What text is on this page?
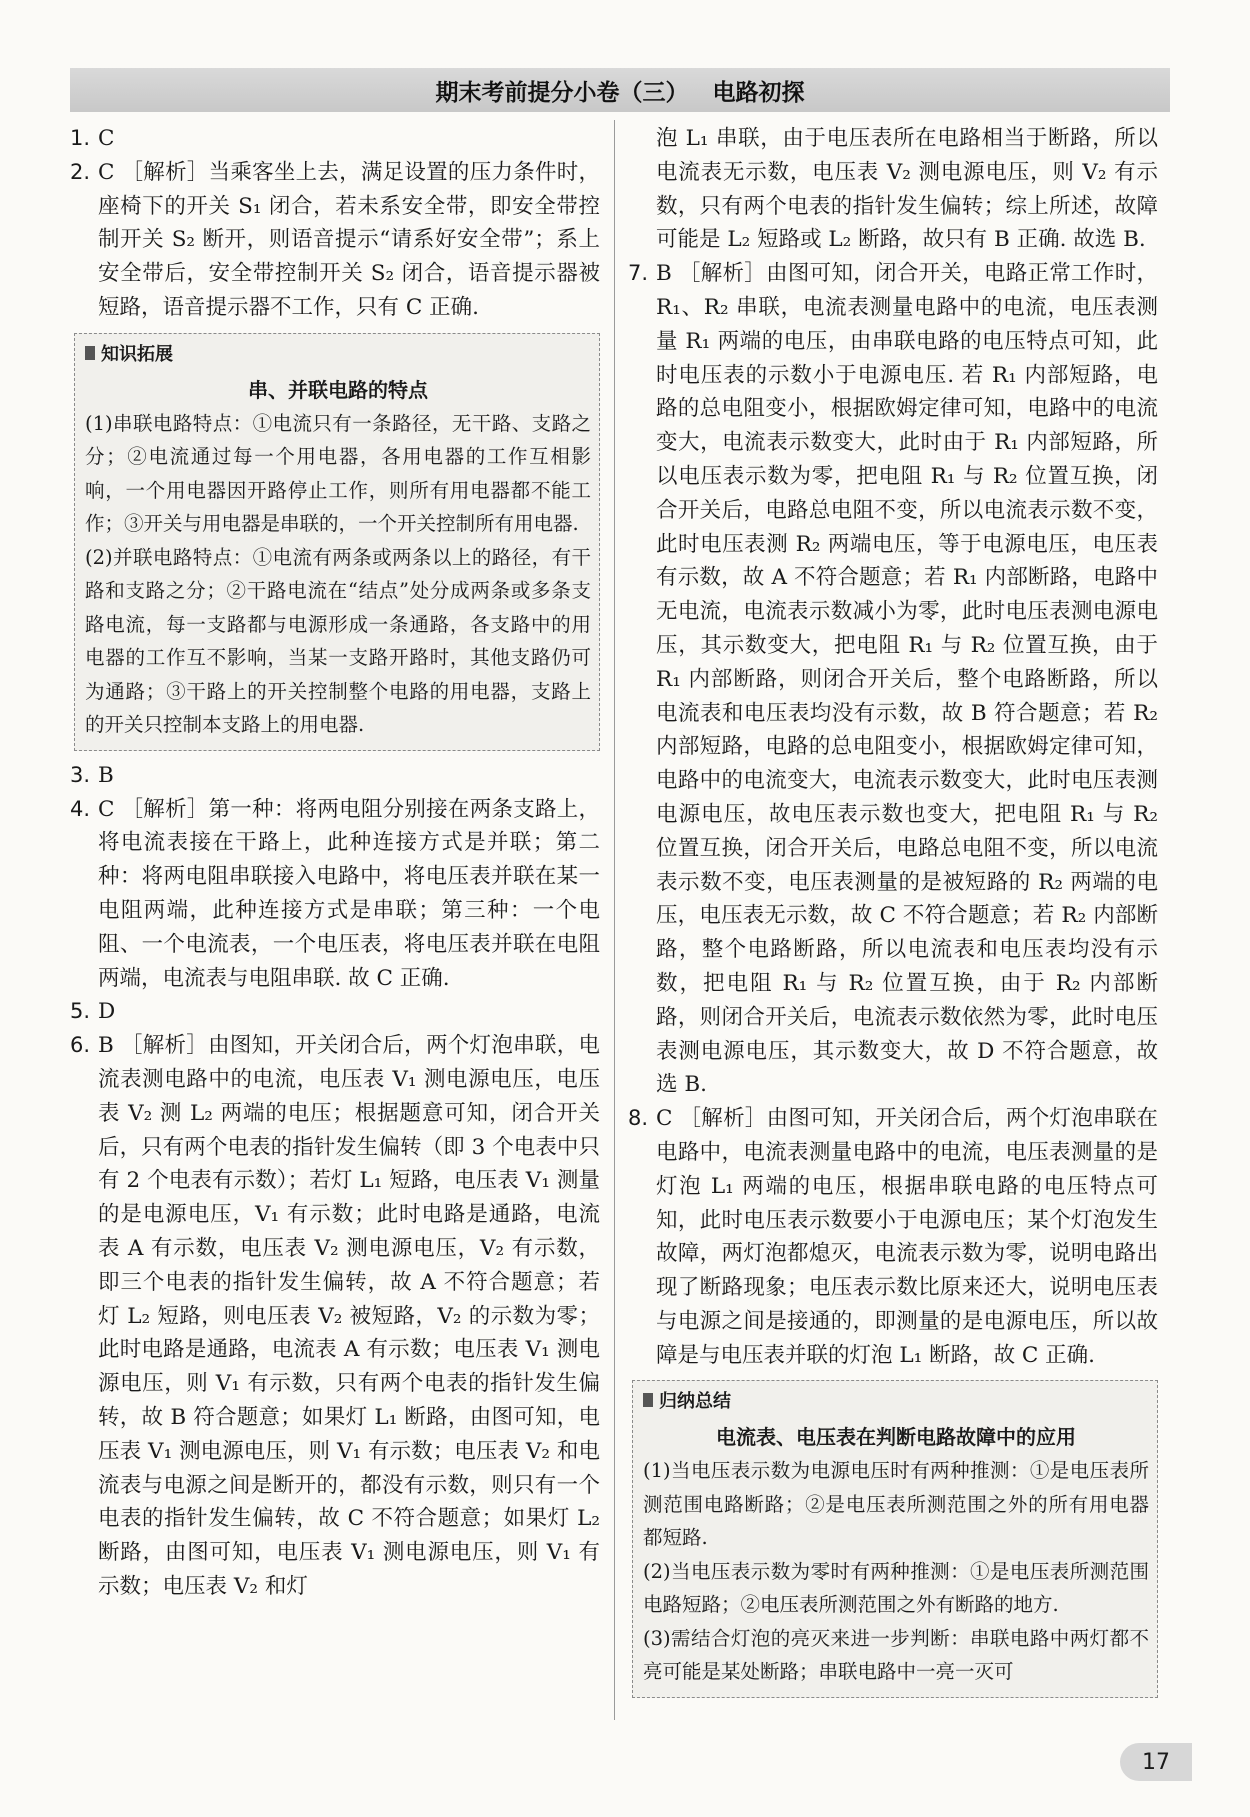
期末考前提分小卷（三） 电路初探
1. C
2. C ［解析］当乘客坐上去，满足设置的压力条件时，座椅下的开关 S₁ 闭合，若未系安全带，即安全带控制开关 S₂ 断开，则语音提示“请系好安全带”；系上安全带后，安全带控制开关 S₂ 闭合，语音提示器被短路，语音提示器不工作，只有 C 正确.
知识拓展
串、并联电路的特点

(1)串联电路特点：①电流只有一条路径，无干路、支路之分；②电流通过每一个用电器，各用电器的工作互相影响，一个用电器因开路停止工作，则所有用电器都不能工作；③开关与用电器是串联的，一个开关控制所有用电器.

(2)并联电路特点：①电流有两条或两条以上的路径，有干路和支路之分；②干路电流在“结点”处分成两条或多条支路电流，每一支路都与电源形成一条通路，各支路中的用电器的工作互不影响，当某一支路开路时，其他支路仍可为通路；③干路上的开关控制整个电路的用电器，支路上的开关只控制本支路上的用电器.

3. B
4. C ［解析］第一种：将两电阻分别接在两条支路上，将电流表接在干路上，此种连接方式是并联；第二种：将两电阻串联接入电路中，将电压表并联在某一电阻两端，此种连接方式是串联；第三种：一个电阻、一个电流表，一个电压表，将电压表并联在电阻两端，电流表与电阻串联. 故 C 正确.
5. D
6. B ［解析］由图知，开关闭合后，两个灯泡串联，电流表测电路中的电流，电压表 V₁ 测电源电压，电压表 V₂ 测 L₂ 两端的电压；根据题意可知，闭合开关后，只有两个电表的指针发生偏转（即 3 个电表中只有 2 个电表有示数）；若灯 L₁ 短路，电压表 V₁ 测量的是电源电压，V₁ 有示数；此时电路是通路，电流表 A 有示数，电压表 V₂ 测电源电压，V₂ 有示数，即三个电表的指针发生偏转，故 A 不符合题意；若灯 L₂ 短路，则电压表 V₂ 被短路，V₂ 的示数为零；此时电路是通路，电流表 A 有示数；电压表 V₁ 测电源电压，则 V₁ 有示数，只有两个电表的指针发生偏转，故 B 符合题意；如果灯 L₁ 断路，由图可知，电压表 V₁ 测电源电压，则 V₁ 有示数；电压表 V₂ 和电流表与电源之间是断开的，都没有示数，则只有一个电表的指针发生偏转，故 C 不符合题意；如果灯 L₂ 断路，由图可知，电压表 V₁ 测电源电压，则 V₁ 有示数；电压表 V₂ 和灯
泡 L₁ 串联，由于电压表所在电路相当于断路，所以电流表无示数，电压表 V₂ 测电源电压，则 V₂ 有示数，只有两个电表的指针发生偏转；综上所述，故障可能是 L₂ 短路或 L₂ 断路，故只有 B 正确. 故选 B.
7. B ［解析］由图可知，闭合开关，电路正常工作时，R₁、R₂ 串联，电流表测量电路中的电流，电压表测量 R₁ 两端的电压，由串联电路的电压特点可知，此时电压表的示数小于电源电压. 若 R₁ 内部短路，电路的总电阻变小，根据欧姆定律可知，电路中的电流变大，电流表示数变大，此时由于 R₁ 内部短路，所以电压表示数为零，把电阻 R₁ 与 R₂ 位置互换，闭合开关后，电路总电阻不变，所以电流表示数不变，此时电压表测 R₂ 两端电压，等于电源电压，电压表有示数，故 A 不符合题意；若 R₁ 内部断路，电路中无电流，电流表示数减小为零，此时电压表测电源电压，其示数变大，把电阻 R₁ 与 R₂ 位置互换，由于 R₁ 内部断路，则闭合开关后，整个电路断路，所以电流表和电压表均没有示数，故 B 符合题意；若 R₂ 内部短路，电路的总电阻变小，根据欧姆定律可知，电路中的电流变大，电流表示数变大，此时电压表测电源电压，故电压表示数也变大，把电阻 R₁ 与 R₂ 位置互换，闭合开关后，电路总电阻不变，所以电流表示数不变，电压表测量的是被短路的 R₂ 两端的电压，电压表无示数，故 C 不符合题意；若 R₂ 内部断路，整个电路断路，所以电流表和电压表均没有示数，把电阻 R₁ 与 R₂ 位置互换，由于 R₂ 内部断路，则闭合开关后，电流表示数依然为零，此时电压表测电源电压，其示数变大，故 D 不符合题意，故选 B.
8. C ［解析］由图可知，开关闭合后，两个灯泡串联在电路中，电流表测量电路中的电流，电压表测量的是灯泡 L₁ 两端的电压，根据串联电路的电压特点可知，此时电压表示数要小于电源电压；某个灯泡发生故障，两灯泡都熄灭，电流表示数为零，说明电路出现了断路现象；电压表示数比原来还大，说明电压表与电源之间是接通的，即测量的是电源电压，所以故障是与电压表并联的灯泡 L₁ 断路，故 C 正确.
归纳总结
电流表、电压表在判断电路故障中的应用

(1)当电压表示数为电源电压时有两种推测：①是电压表所测范围电路断路；②是电压表所测范围之外的所有用电器都短路.

(2)当电压表示数为零时有两种推测：①是电压表所测范围电路短路；②电压表所测范围之外有断路的地方.

(3)需结合灯泡的亮灭来进一步判断：串联电路中两灯都不亮可能是某处断路；串联电路中一亮一灭可

17
